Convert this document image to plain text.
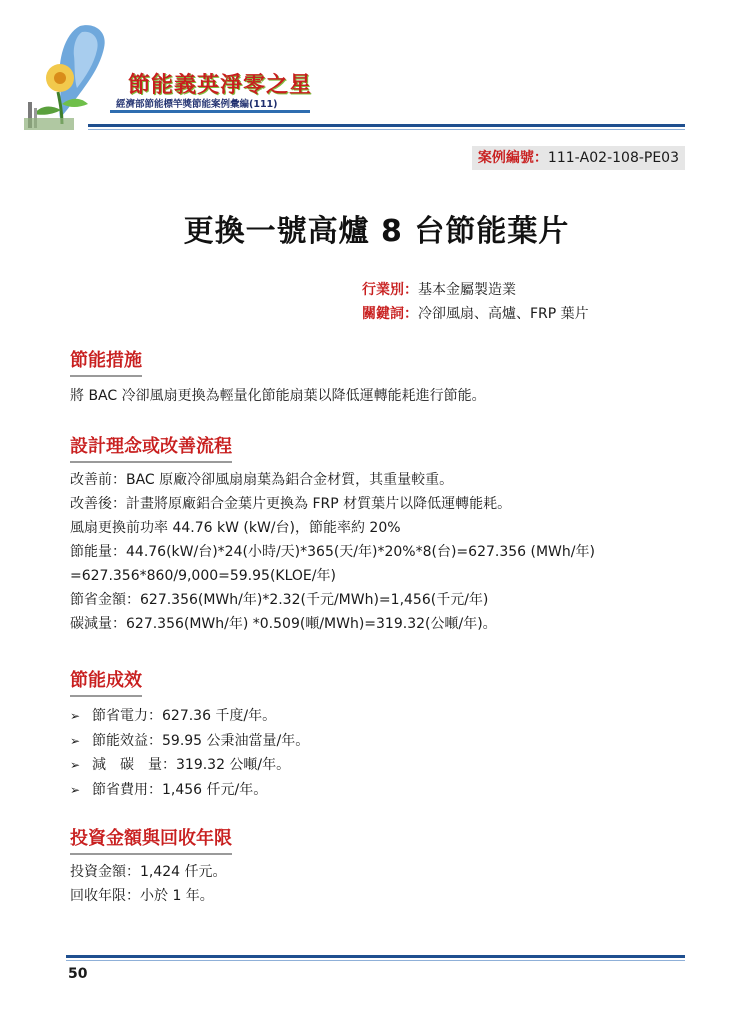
節能義英淨零之星
經濟部節能標竿獎節能案例彙編(111)
案例編號：111-A02-108-PE03
更換一號高爐 8 台節能葉片
行業別：基本金屬製造業
關鍵詞：冷卻風扇、高爐、FRP 葉片
節能措施
將 BAC 冷卻風扇更換為輕量化節能扇葉以降低運轉能耗進行節能。
設計理念或改善流程
改善前：BAC 原廠冷卻風扇扇葉為鋁合金材質，其重量較重。
改善後：計畫將原廠鋁合金葉片更換為 FRP 材質葉片以降低運轉能耗。
風扇更換前功率 44.76 kW (kW/台)，節能率約 20%
節能量：44.76(kW/台)*24(小時/天)*365(天/年)*20%*8(台)=627.356 (MWh/年)
=627.356*860/9,000=59.95(KLOE/年)
節省金額：627.356(MWh/年)*2.32(千元/MWh)=1,456(千元/年)
碳減量：627.356(MWh/年) *0.509(噸/MWh)=319.32(公噸/年)。
節能成效
➢ 節省電力：627.36 千度/年。
➢ 節能效益：59.95 公秉油當量/年。
➢ 減　碳　量：319.32 公噸/年。
➢ 節省費用：1,456 仟元/年。
投資金額與回收年限
投資金額：1,424 仟元。
回收年限：小於 1 年。
50
